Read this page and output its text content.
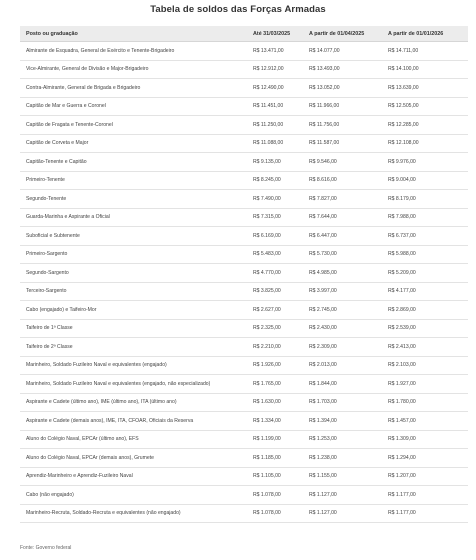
Tabela de soldos das Forças Armadas
Posto ou graduação	Até 31/03/2025	A partir de 01/04/2025	A partir de 01/01/2026
Almirante de Esquadra, General de Exército e Tenente-Brigadeiro	R$ 13.471,00	R$ 14.077,00	R$ 14.711,00
Vice-Almirante, General de Divisão e Major-Brigadeiro	R$ 12.912,00	R$ 13.493,00	R$ 14.100,00
Contra-Almirante, General de Brigada e Brigadeiro	R$ 12.490,00	R$ 13.052,00	R$ 13.639,00
Capitão de Mar e Guerra e Coronel	R$ 11.451,00	R$ 11.966,00	R$ 12.505,00
Capitão de Fragata e Tenente-Coronel	R$ 11.250,00	R$ 11.756,00	R$ 12.285,00
Capitão de Corveta e Major	R$ 11.088,00	R$ 11.587,00	R$ 12.108,00
Capitão-Tenente e Capitão	R$ 9.135,00	R$ 9.546,00	R$ 9.976,00
Primeiro-Tenente	R$ 8.245,00	R$ 8.616,00	R$ 9.004,00
Segundo-Tenente	R$ 7.490,00	R$ 7.827,00	R$ 8.179,00
Guarda-Marinha e Aspirante a Oficial	R$ 7.315,00	R$ 7.644,00	R$ 7.988,00
Suboficial e Subtenente	R$ 6.169,00	R$ 6.447,00	R$ 6.737,00
Primeiro-Sargento	R$ 5.483,00	R$ 5.730,00	R$ 5.988,00
Segundo-Sargento	R$ 4.770,00	R$ 4.985,00	R$ 5.209,00
Terceiro-Sargento	R$ 3.825,00	R$ 3.997,00	R$ 4.177,00
Cabo (engajado) e Taifeiro-Mor	R$ 2.627,00	R$ 2.745,00	R$ 2.869,00
Taifeiro de 1ª Classe	R$ 2.325,00	R$ 2.430,00	R$ 2.539,00
Taifeiro de 2ª Classe	R$ 2.210,00	R$ 2.309,00	R$ 2.413,00
Marinheiro, Soldado Fuzileiro Naval e equivalentes (engajado)	R$ 1.926,00	R$ 2.013,00	R$ 2.103,00
Marinheiro, Soldado Fuzileiro Naval e equivalentes (engajado, não especializado)	R$ 1.765,00	R$ 1.844,00	R$ 1.927,00
Aspirante e Cadete (último ano), IME (último ano), ITA (último ano)	R$ 1.630,00	R$ 1.703,00	R$ 1.780,00
Aspirante e Cadete (demais anos), IME, ITA, CFOAR, Oficiais da Reserva	R$ 1.334,00	R$ 1.394,00	R$ 1.457,00
Aluno do Colégio Naval, EPCAr (último ano), EFS	R$ 1.199,00	R$ 1.253,00	R$ 1.309,00
Aluno do Colégio Naval, EPCAr (demais anos), Grumete	R$ 1.185,00	R$ 1.238,00	R$ 1.294,00
Aprendiz-Marinheiro e Aprendiz-Fuzileiro Naval	R$ 1.105,00	R$ 1.155,00	R$ 1.207,00
Cabo (não engajado)	R$ 1.078,00	R$ 1.127,00	R$ 1.177,00
Marinheiro-Recruta, Soldado-Recruta e equivalentes (não engajado)	R$ 1.078,00	R$ 1.127,00	R$ 1.177,00
Fonte: Governo federal
